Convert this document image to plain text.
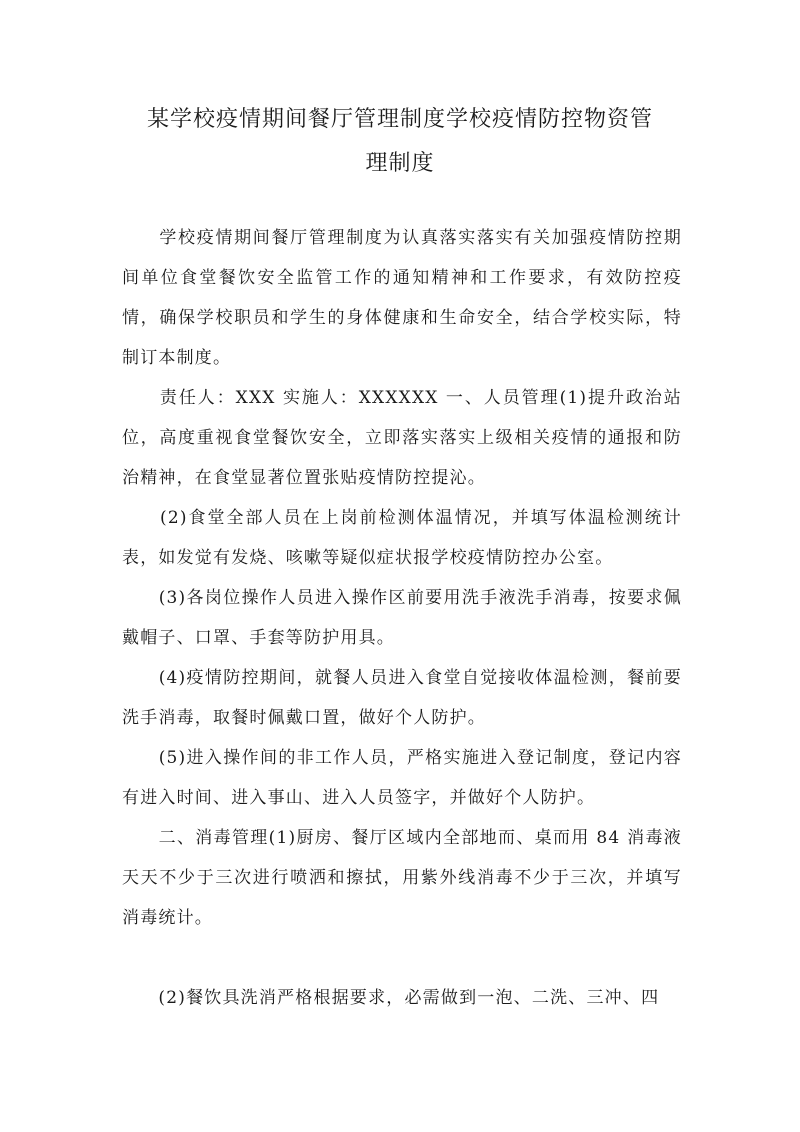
某学校疫情期间餐厅管理制度学校疫情防控物资管
理制度

　　学校疫情期间餐厅管理制度为认真落实落实有关加强疫情防控期间单位食堂餐饮安全监管工作的通知精神和工作要求，有效防控疫情，确保学校职员和学生的身体健康和生命安全，结合学校实际，特制订本制度。

　　责任人：XXX 实施人：XXXXXX 一、人员管理(1)提升政治站位，高度重视食堂餐饮安全，立即落实落实上级相关疫情的通报和防治精神，在食堂显著位置张贴疫情防控提沁。

　　(2)食堂全部人员在上岗前检测体温情况，并填写体温检测统计表，如发觉有发烧、咳嗽等疑似症状报学校疫情防控办公室。

　　(3)各岗位操作人员进入操作区前要用洗手液洗手消毒，按要求佩戴帽子、口罩、手套等防护用具。

　　(4)疫情防控期间，就餐人员进入食堂自觉接收体温检测，餐前要洗手消毒，取餐时佩戴口置，做好个人防护。

　　(5)进入操作间的非工作人员，严格实施进入登记制度，登记内容有进入时间、进入事山、进入人员签字，并做好个人防护。

　　二、消毒管理(1)厨房、餐厅区域内全部地而、桌而用 84 消毒液天天不少于三次进行喷洒和擦拭，用紫外线消毒不少于三次，并填写消毒统计。

　　(2)餐饮具洗消严格根据要求，必需做到一泡、二洗、三冲、四
